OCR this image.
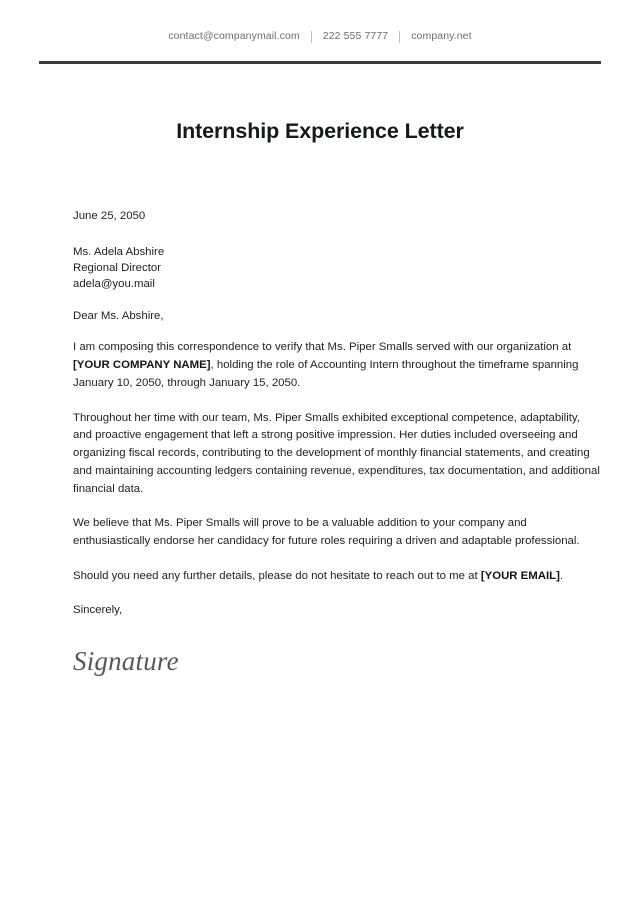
contact@companymail.com 222 555 7777 company.net
Internship Experience Letter

June 25, 2050

Ms. Adela Abshire
Regional Director
adela@you.mail

Dear Ms. Abshire,

I am composing this correspondence to verify that Ms. Piper Smalls served with our organization at [YOUR COMPANY NAME], holding the role of Accounting Intern throughout the timeframe spanning January 10, 2050, through January 15, 2050.

Throughout her time with our team, Ms. Piper Smalls exhibited exceptional competence, adaptability, and proactive engagement that left a strong positive impression. Her duties included overseeing and organizing fiscal records, contributing to the development of monthly financial statements, and creating and maintaining accounting ledgers containing revenue, expenditures, tax documentation, and additional financial data.

We believe that Ms. Piper Smalls will prove to be a valuable addition to your company and enthusiastically endorse her candidacy for future roles requiring a driven and adaptable professional.

Should you need any further details, please do not hesitate to reach out to me at [YOUR EMAIL].

Sincerely,

Signature
